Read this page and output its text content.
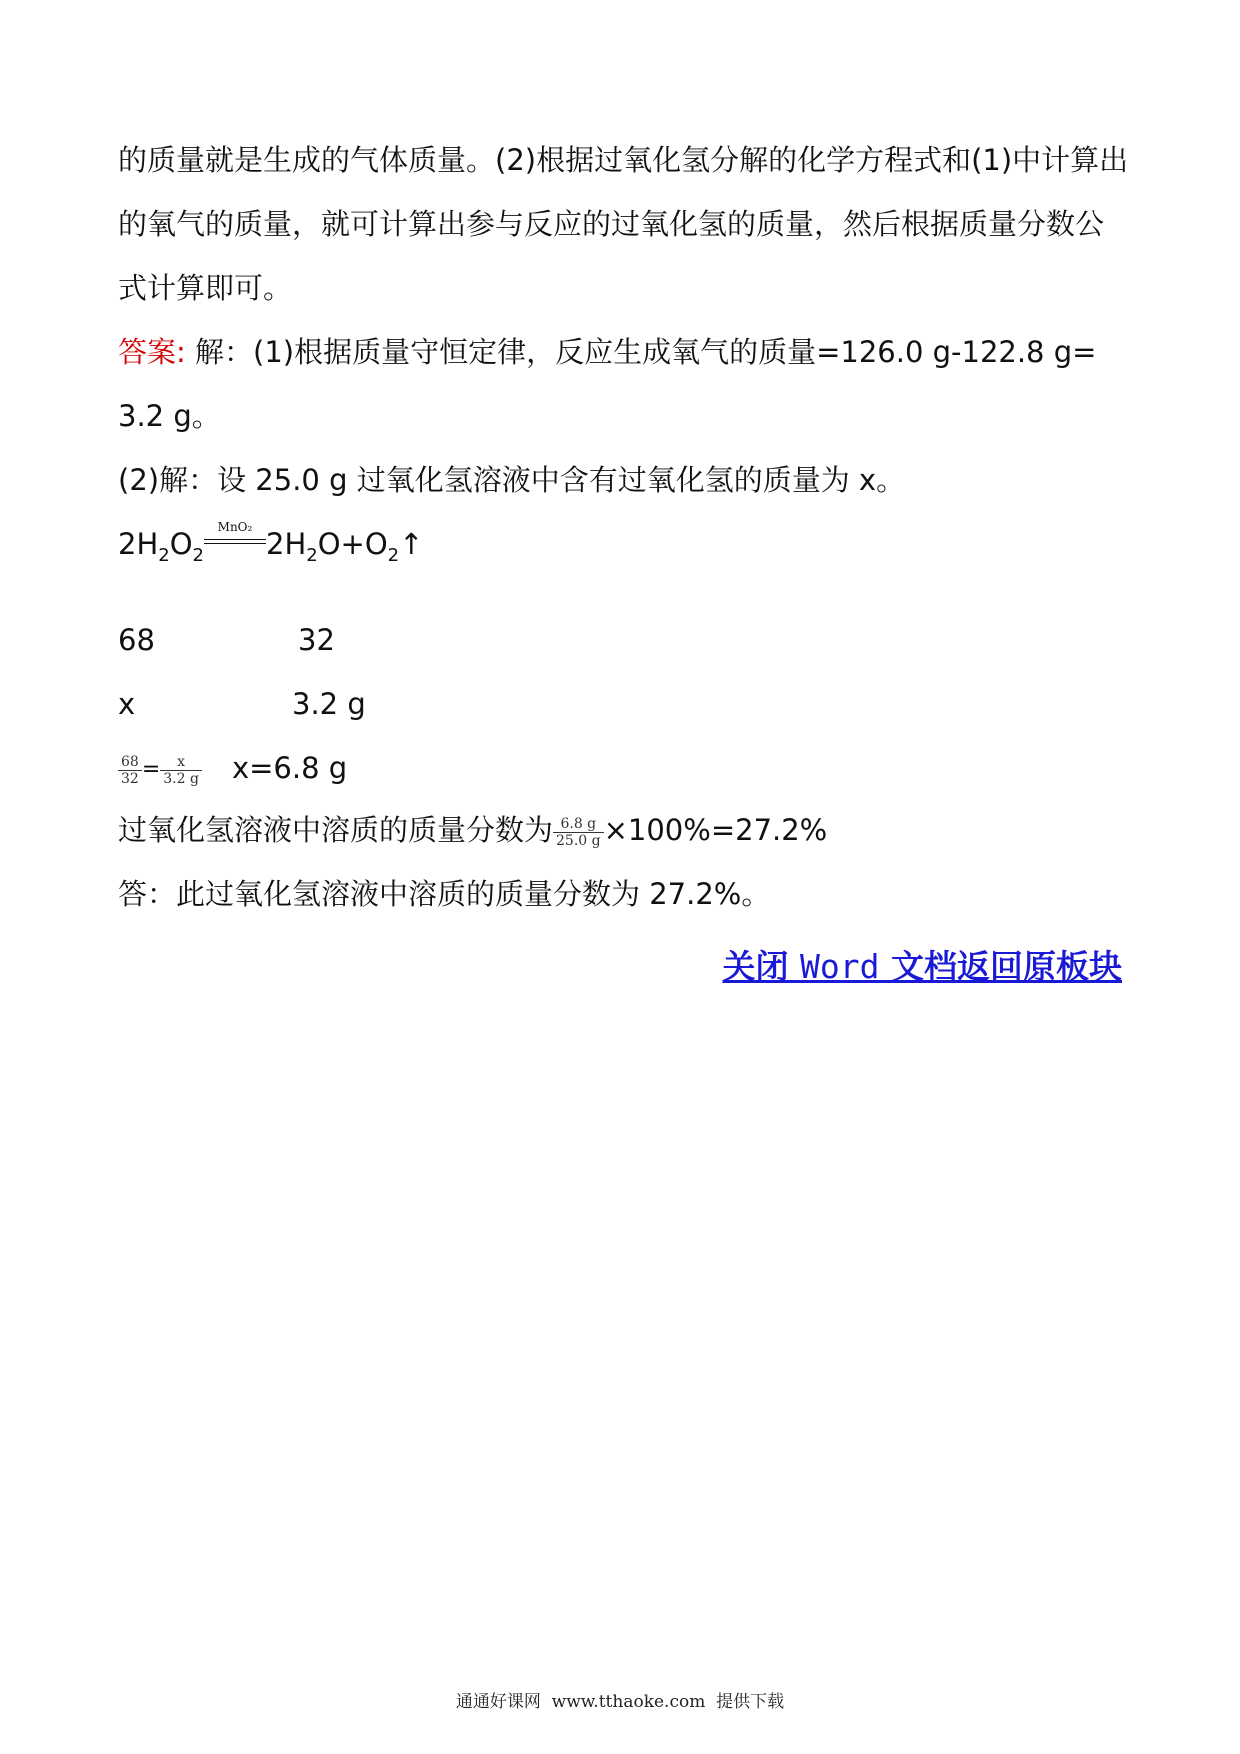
的质量就是生成的气体质量。(2)根据过氧化氢分解的化学方程式和(1)中计算出
的氧气的质量，就可计算出参与反应的过氧化氢的质量，然后根据质量分数公
式计算即可。
答案: 解：(1)根据质量守恒定律，反应生成氧气的质量=126.0 g-122.8 g=
3.2 g。
(2)解：设 25.0 g 过氧化氢溶液中含有过氧化氢的质量为 x。
$2H_2O_2$
MnO₂ $2H_2O+O_2↑$
68	32
x	3.2 g
$\frac{68}{32} = \frac{x}{3.2 g} x=6.8$ g
过氧化氢溶液中溶质的质量分数为 $\frac{6.8 g}{25.0 g} \times 100\%=27.2\%$
答：此过氧化氢溶液中溶质的质量分数为 27.2%。
关闭 Word 文档返回原板块
通通好课网  www.tthaoke.com  提供下载
